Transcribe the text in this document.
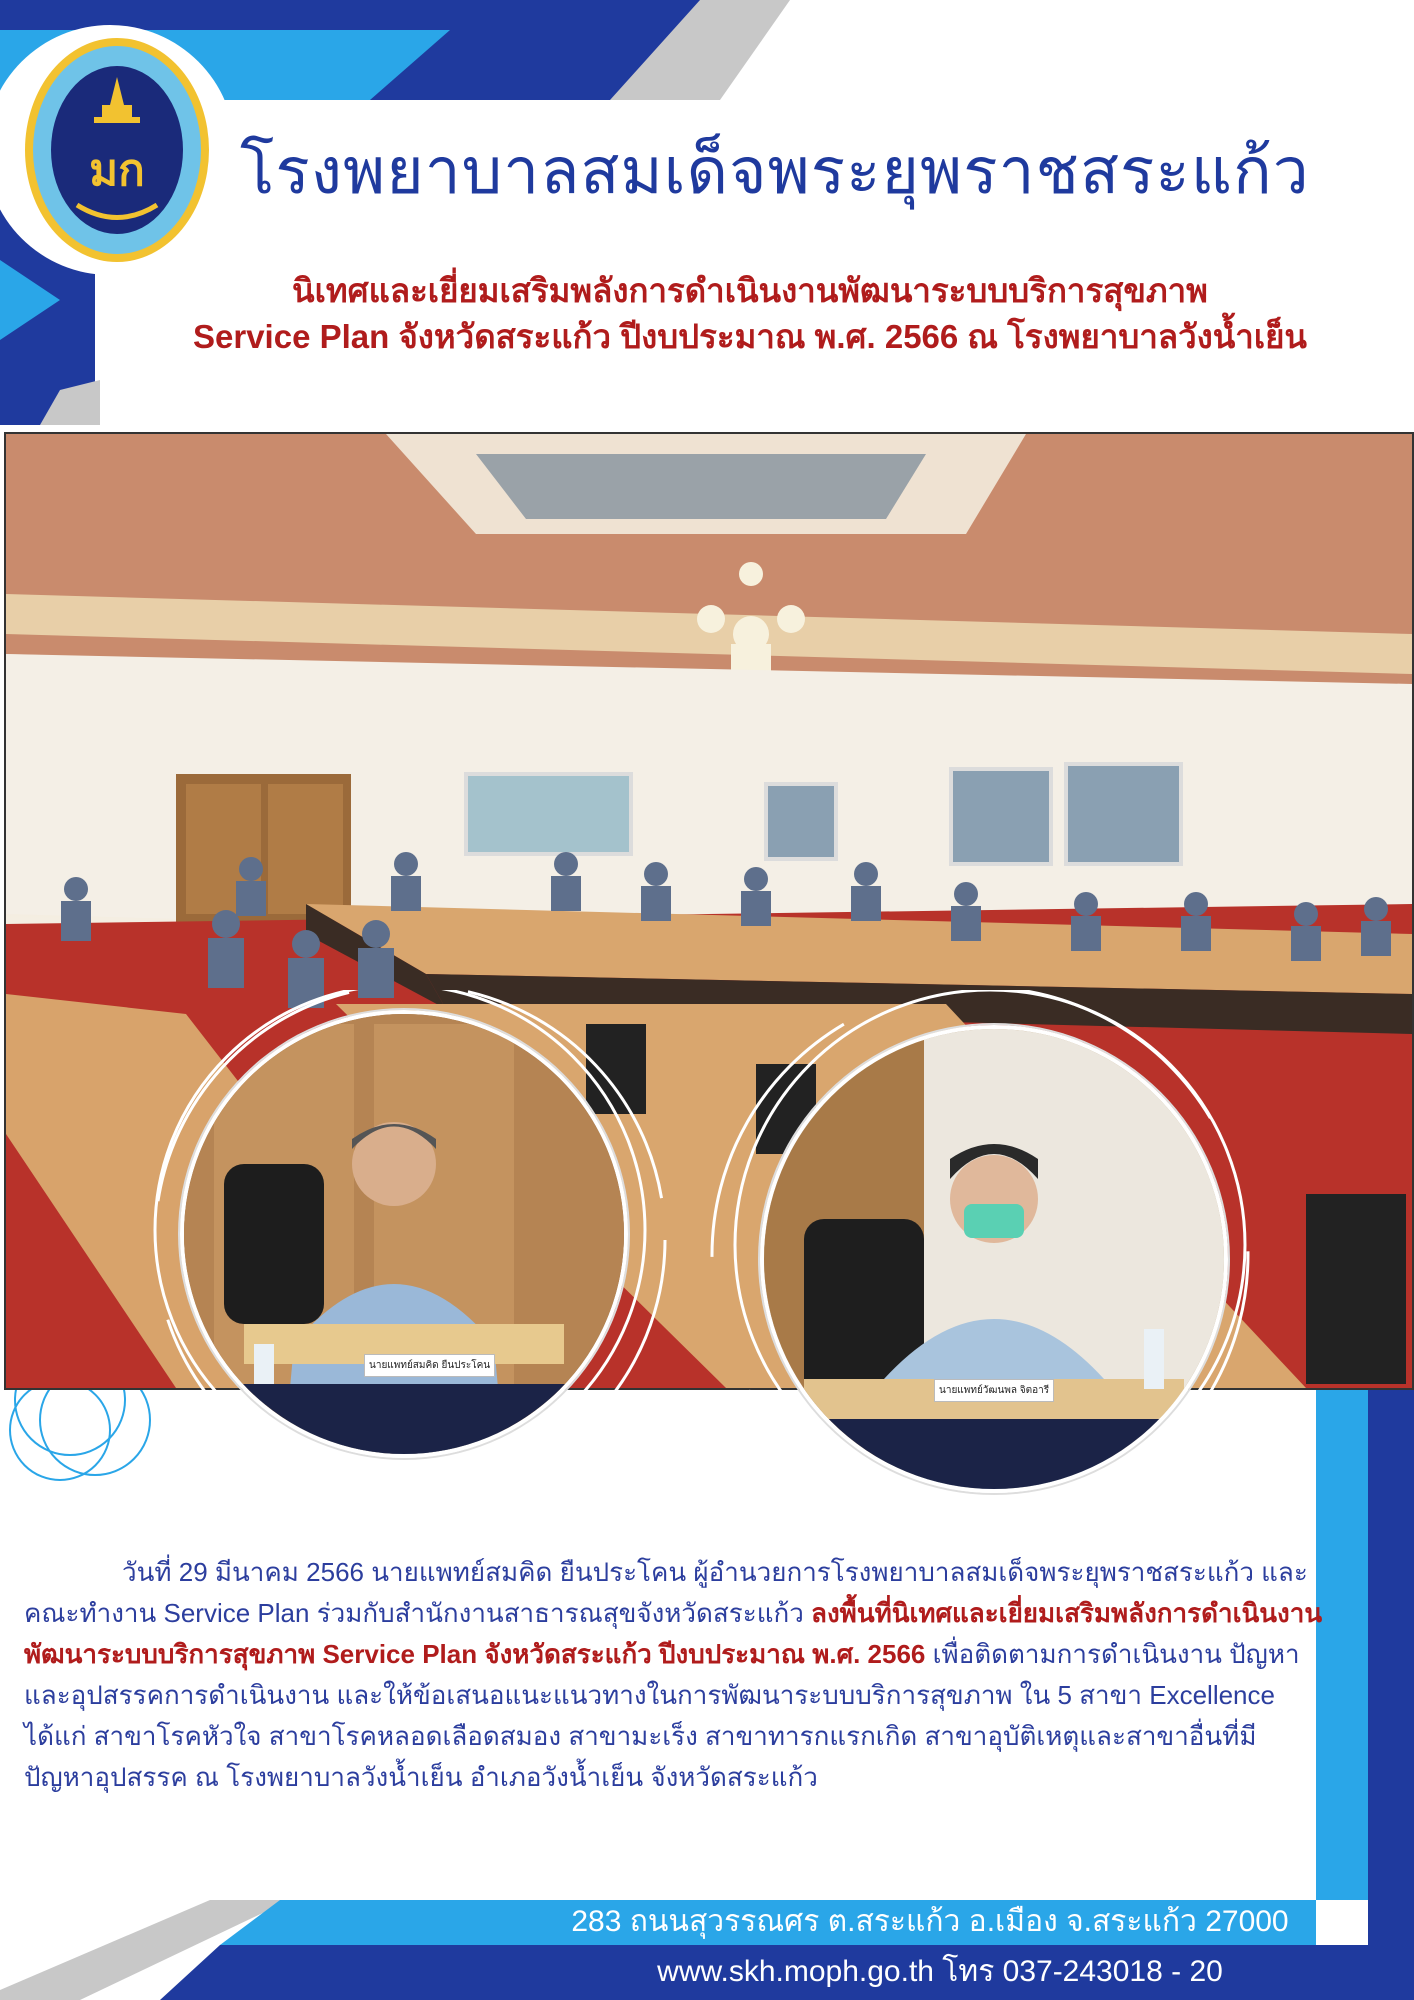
มก โรงพยาบาลสมเด็จพระยุพราชสระแก้ว
นิเทศและเยี่ยมเสริมพลังการดำเนินงานพัฒนาระบบบริการสุขภาพ
Service Plan จังหวัดสระแก้ว ปีงบประมาณ พ.ศ. 2566 ณ โรงพยาบาลวังน้ำเย็น
นายแพทย์สมคิด ยืนประโคน
นายแพทย์วัฒนพล จิตอารี
วันที่ 29 มีนาคม 2566 นายแพทย์สมคิด ยืนประโคน ผู้อำนวยการโรงพยาบาลสมเด็จพระยุพราชสระแก้ว และคณะทำงาน Service Plan ร่วมกับสำนักงานสาธารณสุขจังหวัดสระแก้ว ลงพื้นที่นิเทศและเยี่ยมเสริมพลังการดำเนินงานพัฒนาระบบบริการสุขภาพ Service Plan จังหวัดสระแก้ว ปีงบประมาณ พ.ศ. 2566 เพื่อติดตามการดำเนินงาน ปัญหาและอุปสรรคการดำเนินงาน และให้ข้อเสนอแนะแนวทางในการพัฒนาระบบบริการสุขภาพ ใน 5 สาขา Excellence ได้แก่ สาขาโรคหัวใจ สาขาโรคหลอดเลือดสมอง สาขามะเร็ง สาขาทารกแรกเกิด สาขาอุบัติเหตุและสาขาอื่นที่มีปัญหาอุปสรรค ณ โรงพยาบาลวังน้ำเย็น อำเภอวังน้ำเย็น จังหวัดสระแก้ว
283 ถนนสุวรรณศร ต.สระแก้ว อ.เมือง จ.สระแก้ว 27000
www.skh.moph.go.th โทร 037-243018 - 20
